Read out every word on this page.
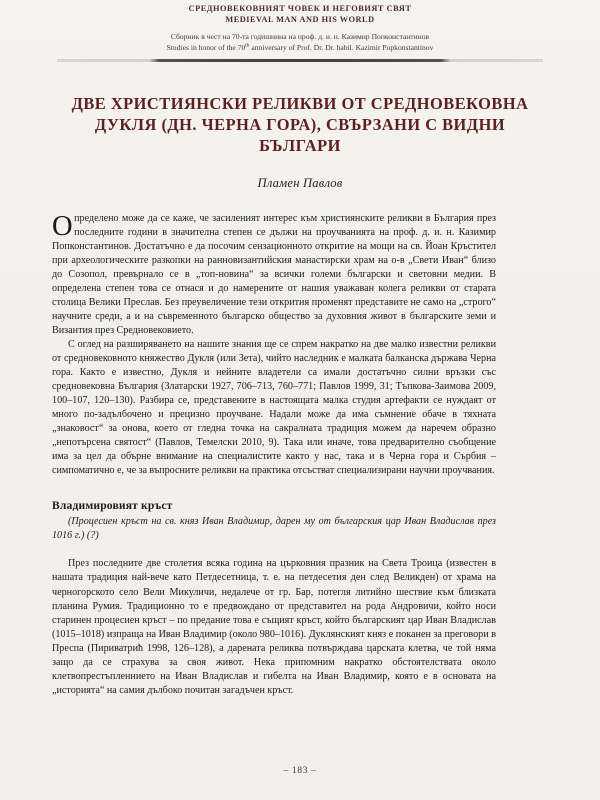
СРЕДНОВЕКОВНИЯТ ЧОВЕК И НЕГОВИЯТ СВЯТ
MEDIEVAL MAN AND HIS WORLD
Сборник в чест на 70-та годишнина на проф. д. и. н. Казимир Попконстантинов
Studies in honor of the 70th anniversary of Prof. Dr. Dr. habil. Kazimir Popkonstantinov
ДВЕ ХРИСТИЯНСКИ РЕЛИКВИ ОТ СРЕДНОВЕКОВНА
ДУКЛЯ (ДН. ЧЕРНА ГОРА), СВЪРЗАНИ С ВИДНИ
БЪЛГАРИ
Пламен Павлов

Определено може да се каже, че засиленият интерес към християнските реликви в България през последните години в значителна степен се дължи на проучванията на проф. д. и. н. Казимир Попконстантинов. Достатъчно е да посочим сензационното откритие на мощи на св. Йоан Кръстител при археологическите разкопки на ранновизантийския манастирски храм на о-в „Свети Иван“ близо до Созопол, превърнало се в „топ-новина“ за всички големи български и световни медии. В определена степен това се отнася и до намерените от нашия уважаван колега реликви от старата столица Велики Преслав. Без преувеличение тези открития променят представите не само на „строго“ научните среди, а и на съвременното българско общество за духовния живот в българските земи и Византия през Средновековието.

С оглед на разширяването на нашите знания ще се спрем накратко на две малко известни реликви от средновековното княжество Дукля (или Зета), чийто наследник е малката балканска държава Черна гора. Както е известно, Дукля и нейните владетели са имали достатъчно силни връзки със средновековна България (Златарски 1927, 706–713, 760–771; Павлов 1999, 31; Тъпкова-Заимова 2009, 100–107, 120–130). Разбира се, представените в настоящата малка студия артефакти се нуждаят от много по-задълбочено и прецизно проучване. Надали може да има съмнение обаче в тяхната „знаковост“ за онова, което от гледна точка на сакралната традиция можем да наречем образно „непотърсена святост“ (Павлов, Темелски 2010, 9). Така или иначе, това предварително съобщение има за цел да обърне внимание на специалистите както у нас, така и в Черна гора и Сърбия – симпоматично е, че за въпросните реликви на практика отсъстват специализирани научни проучвания.

Владимировият кръст
(Процесиен кръст на св. княз Иван Владимир, дарен му от българския цар Иван Владислав през 1016 г.) (?)

През последните две столетия всяка година на църковния празник на Света Троица (известен в нашата традиция най-вече като Петдесетница, т. е. на петдесетия ден след Великден) от храма на черногорското село Вели Микуличи, недалече от гр. Бар, потегля литийно шествие към близката планина Румия. Традиционно то е предвождано от представител на рода Андровичи, който носи старинен процесиен кръст – по предание това е същият кръст, който българският цар Иван Владислав (1015–1018) изпраща на Иван Владимир (около 980–1016). Дуклянският княз е поканен за преговори в Преспа (Пириватрић 1998, 126–128), а дарената реликва потвърждава царската клетва, че той няма защо да се страхува за своя живот. Нека припомним накратко обстоятелствата около клетвопрестъпленнието на Иван Владислав и гибелта на Иван Владимир, която е в основата на „историята“ на самия дълбоко почитан загадъчен кръст.

– 183 –
